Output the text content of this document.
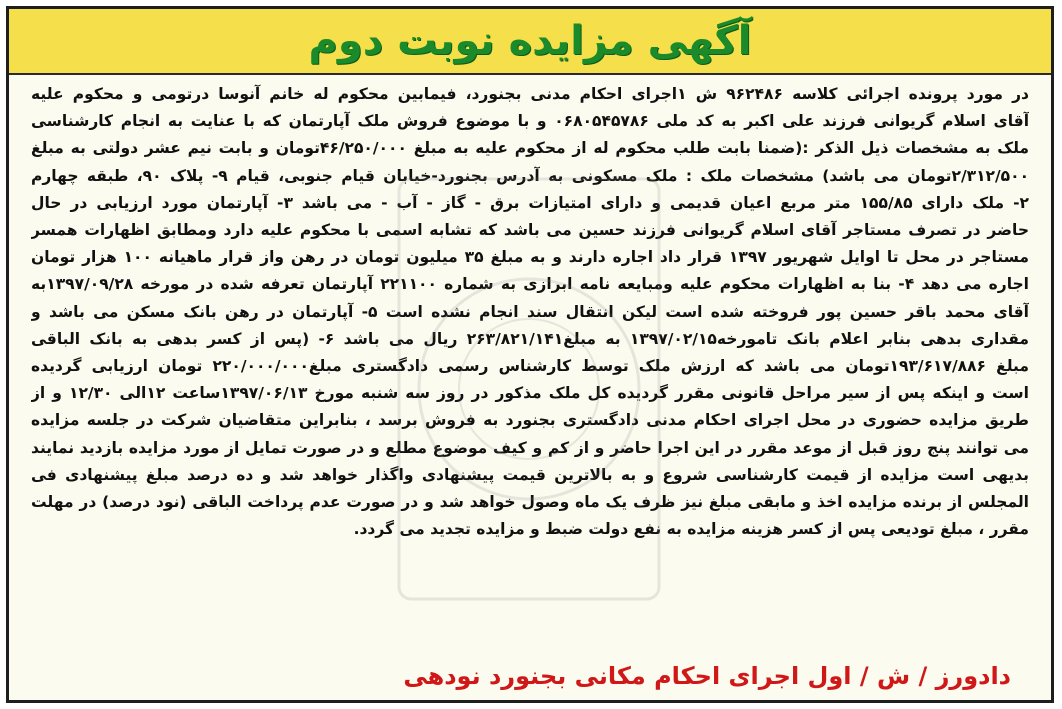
آگهی مزایده نوبت دوم
در مورد پرونده اجرائی کلاسه ۹۶۲۴۸۶ ش ۱اجرای احکام مدنی بجنورد، فیمابین محکوم له خانم آنوسا درتومی و محکوم علیه
آقای اسلام گریوانی فرزند علی اکبر به کد ملی ۰۶۸۰۵۴۵۷۸۶ و با موضوع فروش ملک آپارتمان که با عنایت به انجام کارشناسی
ملک به مشخصات ذیل الذکر :(ضمنا بابت طلب محکوم له از محکوم علیه به مبلغ ۴۶/۲۵۰/۰۰۰تومان و بابت نیم عشر دولتی به مبلغ
۲/۳۱۲/۵۰۰تومان می باشد) مشخصات ملک : ملک مسکونی به آدرس بجنورد-خیابان قیام جنوبی، قیام ۹- پلاک ۹۰، طبقه چهارم
۲- ملک دارای ۱۵۵/۸۵ متر مربع اعیان قدیمی و دارای امتیازات برق - گاز - آب - می باشد ۳- آپارتمان مورد ارزیابی در حال
حاضر در تصرف مستاجر آقای اسلام گریوانی فرزند حسین می باشد که تشابه اسمی با محکوم علیه دارد ومطابق اظهارات همسر
مستاجر در محل تا اوایل شهریور ۱۳۹۷ قرار داد اجاره دارند و به مبلغ ۳۵ میلیون تومان در رهن واز قرار ماهیانه ۱۰۰ هزار تومان
اجاره می دهد ۴- بنا به اظهارات محکوم علیه ومبایعه نامه ابرازی به شماره ۲۲۱۱۰۰ آپارتمان تعرفه شده در مورخه ۱۳۹۷/۰۹/۲۸به
آقای محمد باقر حسین پور فروخته شده است لیکن انتقال سند انجام نشده است ۵- آپارتمان در رهن بانک مسکن می باشد و
مقداری بدهی بنابر اعلام بانک تامورخه۱۳۹۷/۰۲/۱۵ به مبلغ۲۶۳/۸۲۱/۱۴۱ ریال می باشد ۶- (پس از کسر بدهی به بانک الباقی
مبلغ ۱۹۳/۶۱۷/۸۸۶تومان می باشد که ارزش ملک توسط کارشناس رسمی دادگستری مبلغ۲۲۰/۰۰۰/۰۰۰ تومان ارزیابی گردیده
است و اینکه پس از سیر مراحل قانونی مقرر گردیده کل ملک مذکور در روز سه شنبه مورخ ۱۳۹۷/۰۶/۱۳ساعت ۱۲الی ۱۲/۳۰ و از
طریق مزایده حضوری در محل اجرای احکام مدنی دادگستری بجنورد به فروش برسد ، بنابراین متقاضیان شرکت در جلسه مزایده
می توانند پنج روز قبل از موعد مقرر در این اجرا حاضر و از کم و کیف موضوع مطلع و در صورت تمایل از مورد مزایده بازدید نمایند
بدیهی است مزایده از قیمت کارشناسی شروع و به بالاترین قیمت پیشنهادی واگذار خواهد شد و ده درصد مبلغ پیشنهادی فی
المجلس از برنده مزایده اخذ و مابقی مبلغ نیز ظرف یک ماه وصول خواهد شد و در صورت عدم پرداخت الباقی (نود درصد) در مهلت
مقرر ، مبلغ تودیعی پس از کسر هزینه مزایده به نفع دولت ضبط و مزایده تجدید می گردد.
دادورز / ش / اول اجرای احکام مکانی بجنورد نودهی
